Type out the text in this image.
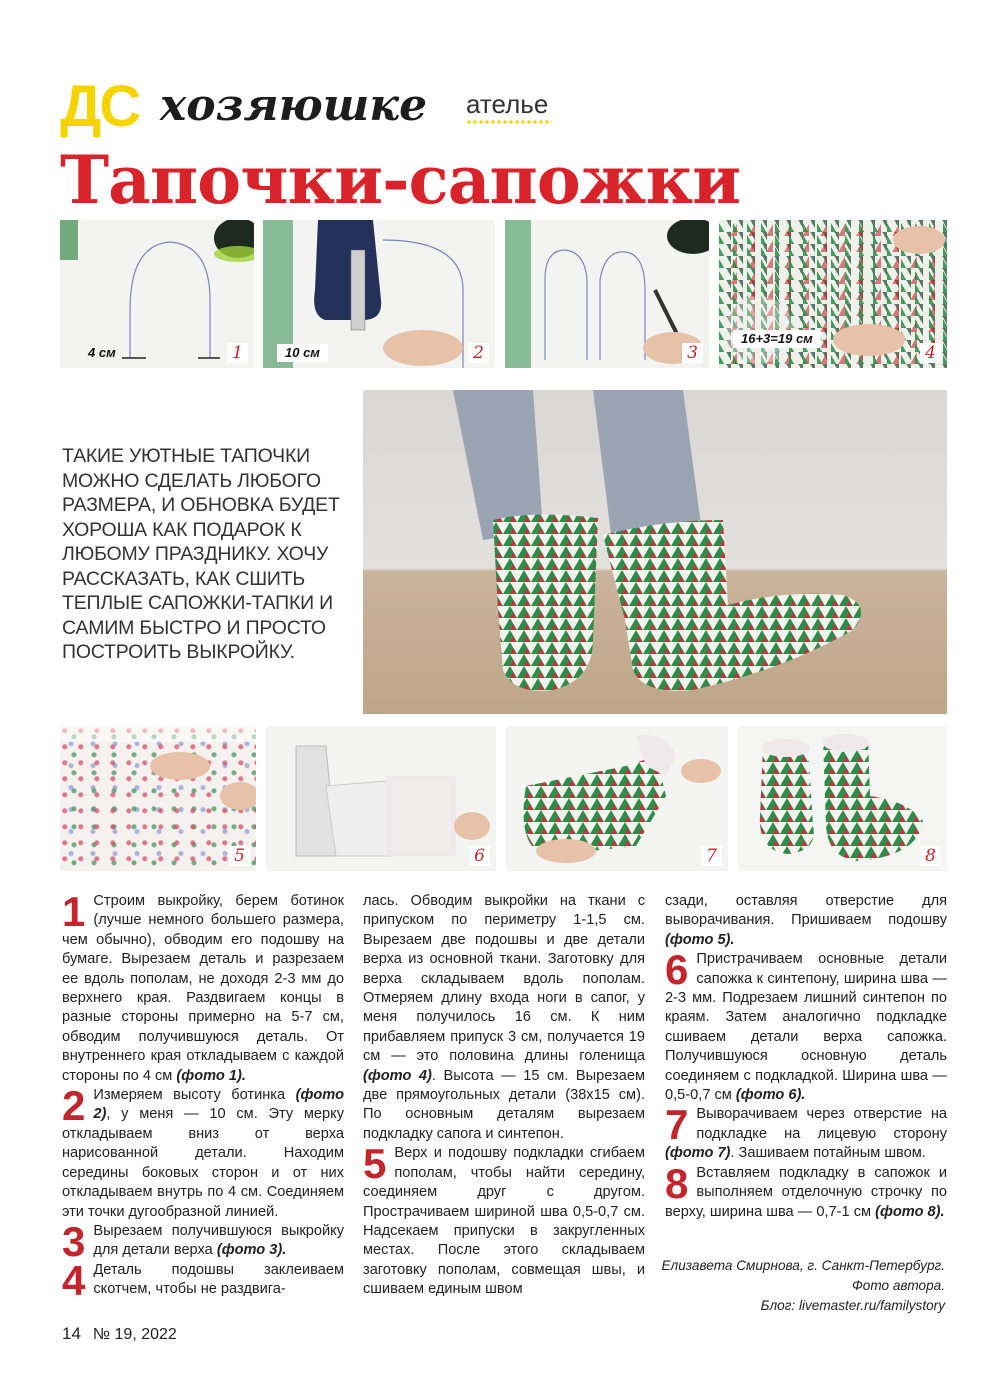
ДС хозяюшке ателье
Тапочки-сапожки
4 см	1	10 см	2	3
16+3=19 см
4
ТАКИЕ УЮТНЫЕ ТАПОЧКИ МОЖНО СДЕЛАТЬ ЛЮБОГО РАЗМЕРА, И ОБНОВКА БУДЕТ ХОРОША КАК ПОДАРОК К ЛЮБОМУ ПРАЗДНИКУ. ХОЧУ РАССКАЗАТЬ, КАК СШИТЬ ТЕПЛЫЕ САПОЖКИ-ТАПКИ И САМИМ БЫСТРО И ПРОСТО ПОСТРОИТЬ ВЫКРОЙКУ.
5	6	7	8

1 Строим выкройку, берем ботинок (лучше немного большего размера, чем обычно), обводим его подошву на бумаге. Вырезаем деталь и разрезаем ее вдоль пополам, не доходя 2-3 мм до верхнего края. Раздвигаем концы в разные стороны примерно на 5-7 см, обводим получившуюся деталь. От внутреннего края откладываем с каждой стороны по 4 см (фото 1).

2 Измеряем высоту ботинка (фото 2), у меня — 10 см. Эту мерку откладываем вниз от верха нарисованной детали. Находим середины боковых сторон и от них откладываем внутрь по 4 см. Соединяем эти точки дугообразной линией.

3 Вырезаем получившуюся выкройку для детали верха (фото 3).

4 Деталь подошвы заклеиваем скотчем, чтобы не раздвига-

лась. Обводим выкройки на ткани с припуском по периметру 1-1,5 см. Вырезаем две подошвы и две детали верха из основной ткани. Заготовку для верха складываем вдоль пополам. Отмеряем длину входа ноги в сапог, у меня получилось 16 см. К ним прибавляем припуск 3 см, получается 19 см — это половина длины голенища (фото 4). Высота — 15 см. Вырезаем две прямоугольных детали (38х15 см). По основным деталям вырезаем подкладку сапога и синтепон.

5 Верх и подошву подкладки сгибаем пополам, чтобы найти середину, соединяем друг с другом. Прострачиваем шириной шва 0,5-0,7 см. Надсекаем припуски в закругленных местах. После этого складываем заготовку пополам, совмещая швы, и сшиваем единым швом

сзади, оставляя отверстие для выворачивания. Пришиваем подошву (фото 5).

6 Пристрачиваем основные детали сапожка к синтепону, ширина шва — 2-3 мм. Подрезаем лишний синтепон по краям. Затем аналогично подкладке сшиваем детали верха сапожка. Получившуюся основную деталь соединяем с подкладкой. Ширина шва — 0,5-0,7 см (фото 6).

7 Выворачиваем через отверстие на подкладке на лицевую сторону (фото 7). Зашиваем потайным швом.

8 Вставляем подкладку в сапожок и выполняем отделочную строчку по верху, ширина шва — 0,7-1 см (фото 8).

Елизавета Смирнова, г. Санкт-Петербург.
Фото автора.
Блог: livemaster.ru/familystory
14 № 19, 2022
